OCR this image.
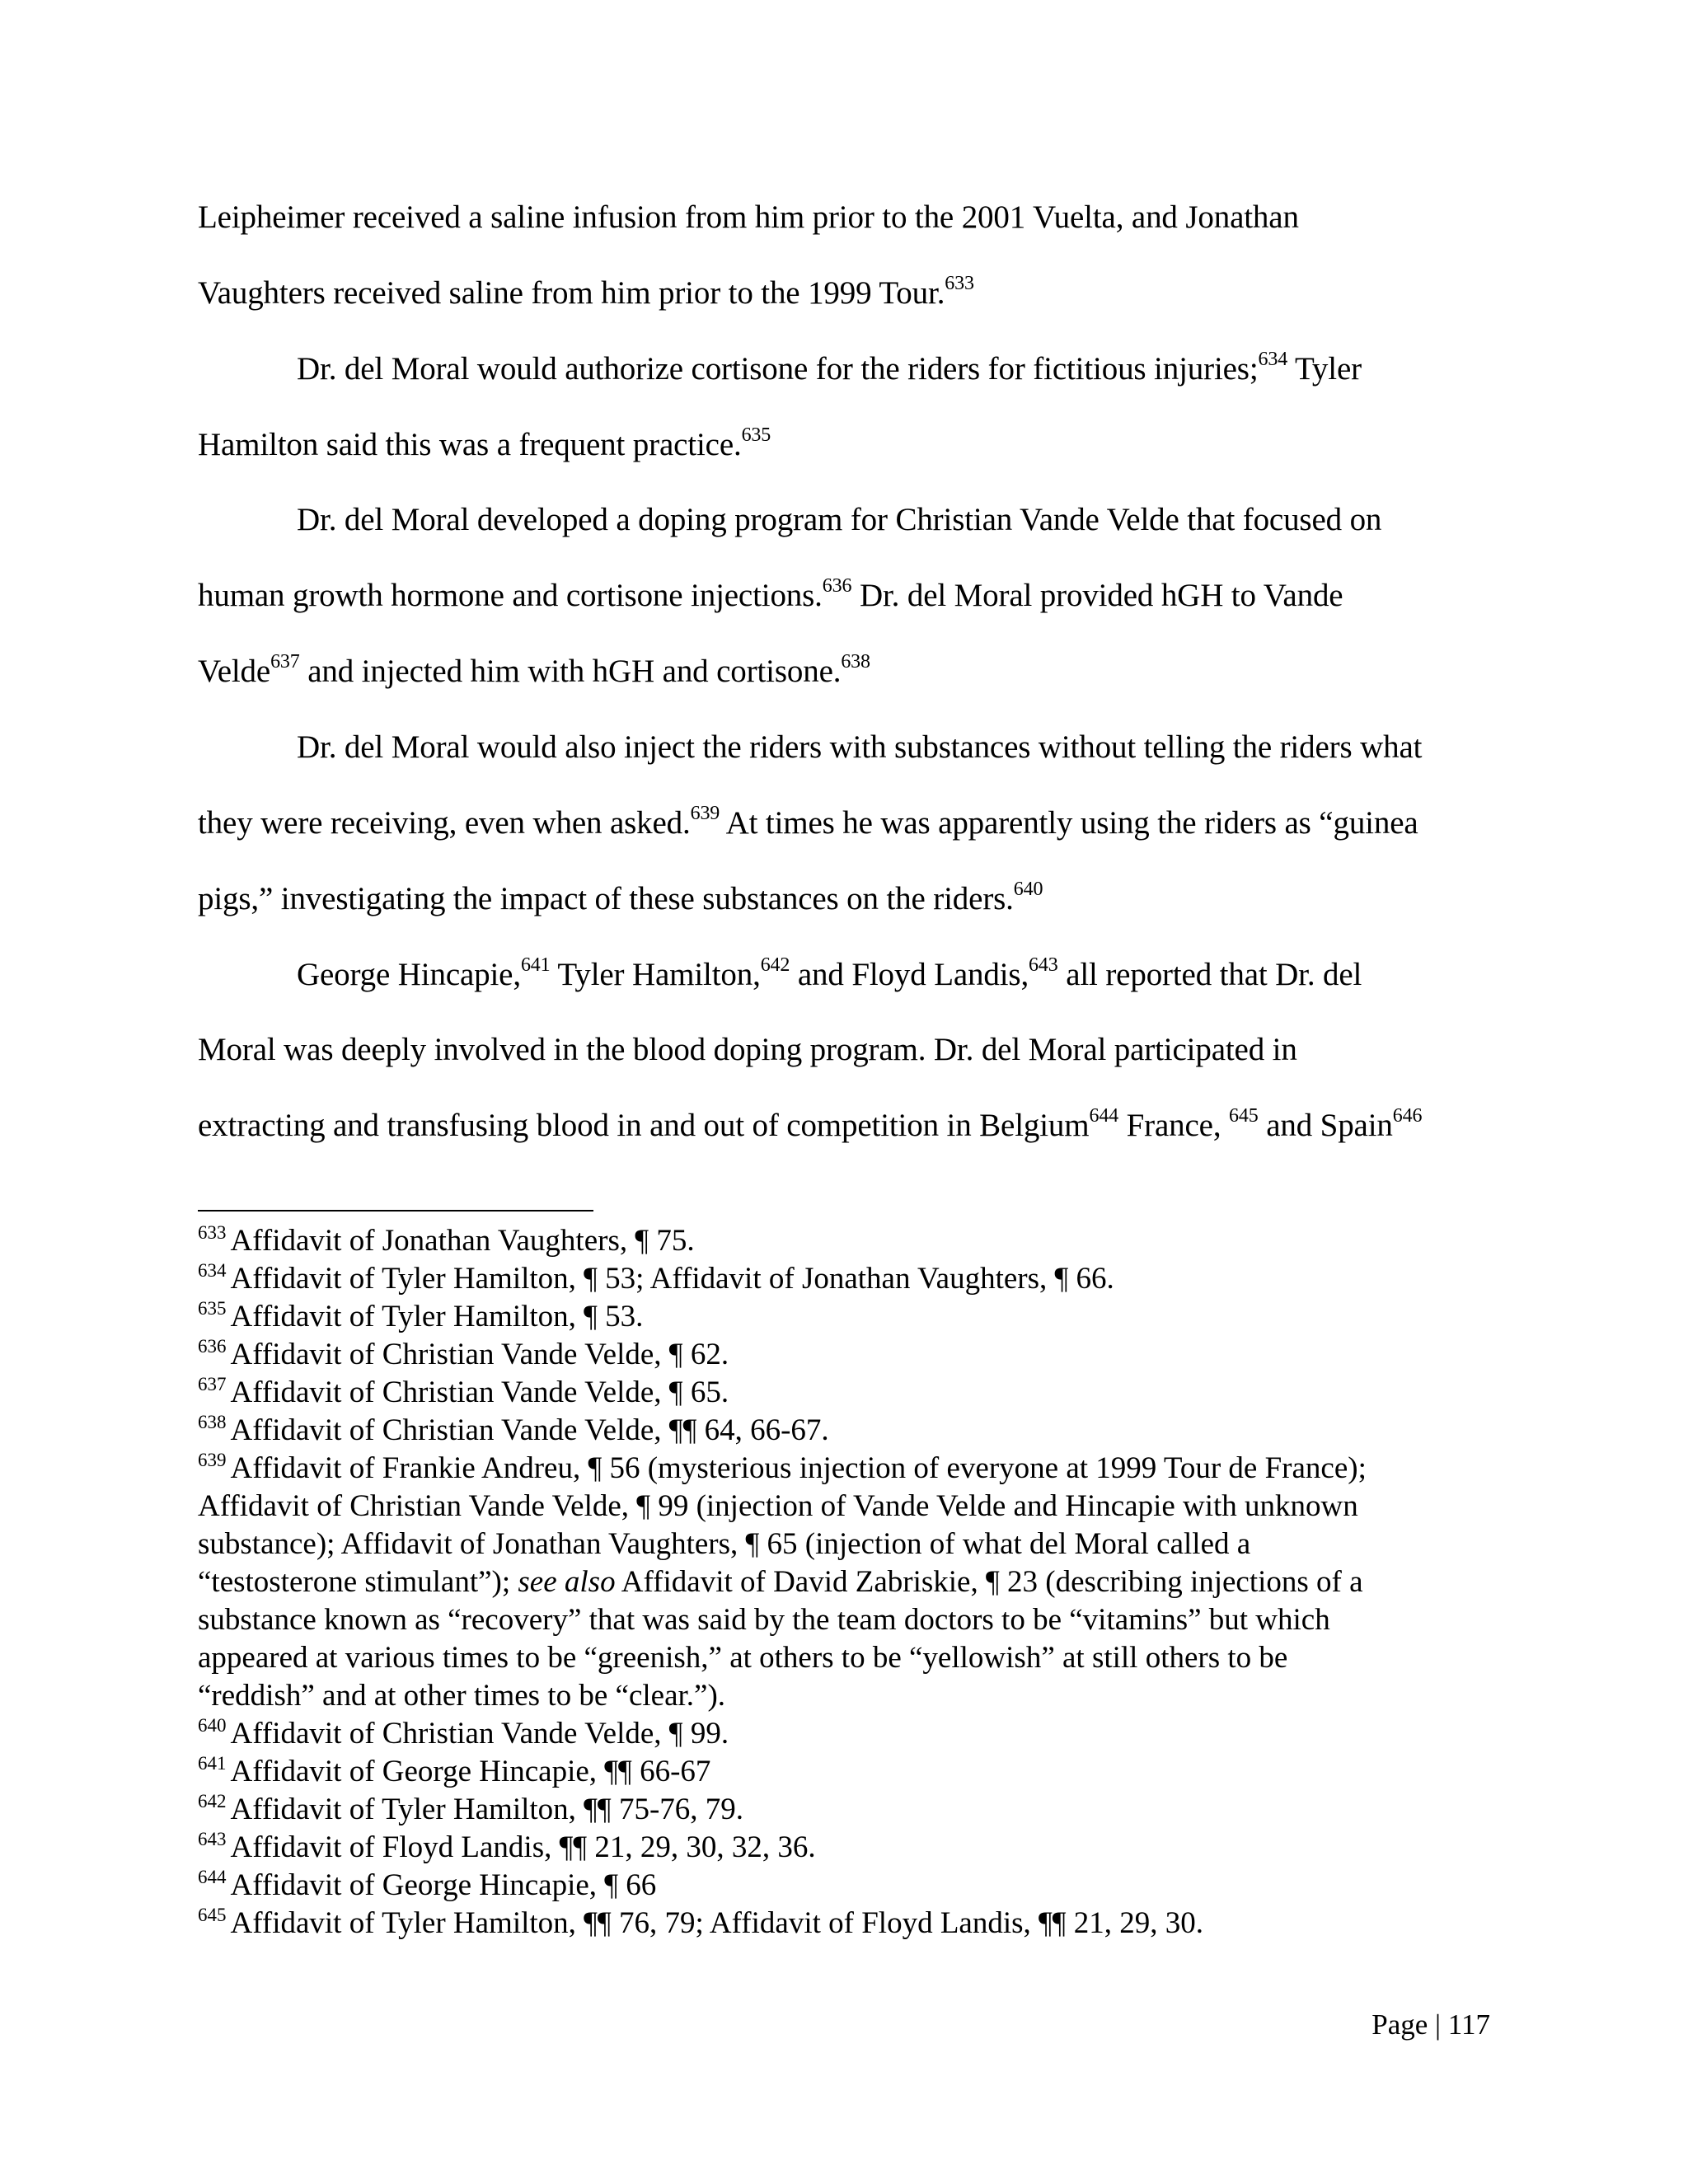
Leipheimer received a saline infusion from him prior to the 2001 Vuelta, and Jonathan
Vaughters received saline from him prior to the 1999 Tour.$^{633}$
Dr. del Moral would authorize cortisone for the riders for fictitious injuries;$^{634}$ Tyler
Hamilton said this was a frequent practice.$^{635}$
Dr. del Moral developed a doping program for Christian Vande Velde that focused on
human growth hormone and cortisone injections.$^{636}$ Dr. del Moral provided hGH to Vande
Velde$^{637}$ and injected him with hGH and cortisone.$^{638}$
Dr. del Moral would also inject the riders with substances without telling the riders what
they were receiving, even when asked.$^{639}$ At times he was apparently using the riders as “guinea
pigs,” investigating the impact of these substances on the riders.$^{640}$
George Hincapie,$^{641}$ Tyler Hamilton,$^{642}$ and Floyd Landis,$^{643}$ all reported that Dr. del
Moral was deeply involved in the blood doping program. Dr. del Moral participated in
extracting and transfusing blood in and out of competition in Belgium$^{644}$ France, $^{645}$ and Spain$^{646}$
$^{633}$ Affidavit of Jonathan Vaughters, ¶ 75.
$^{634}$ Affidavit of Tyler Hamilton, ¶ 53; Affidavit of Jonathan Vaughters, ¶ 66.
$^{635}$ Affidavit of Tyler Hamilton, ¶ 53.
$^{636}$ Affidavit of Christian Vande Velde, ¶ 62.
$^{637}$ Affidavit of Christian Vande Velde, ¶ 65.
$^{638}$ Affidavit of Christian Vande Velde, ¶¶ 64, 66-67.
$^{639}$ Affidavit of Frankie Andreu, ¶ 56 (mysterious injection of everyone at 1999 Tour de France);
Affidavit of Christian Vande Velde, ¶ 99 (injection of Vande Velde and Hincapie with unknown
substance); Affidavit of Jonathan Vaughters, ¶ 65 (injection of what del Moral called a
“testosterone stimulant”); see also Affidavit of David Zabriskie, ¶ 23 (describing injections of a
substance known as “recovery” that was said by the team doctors to be “vitamins” but which
appeared at various times to be “greenish,” at others to be “yellowish” at still others to be
“reddish” and at other times to be “clear.”).
$^{640}$ Affidavit of Christian Vande Velde, ¶ 99.
$^{641}$ Affidavit of George Hincapie, ¶¶ 66-67
$^{642}$ Affidavit of Tyler Hamilton, ¶¶ 75-76, 79.
$^{643}$ Affidavit of Floyd Landis, ¶¶ 21, 29, 30, 32, 36.
$^{644}$ Affidavit of George Hincapie, ¶ 66
$^{645}$ Affidavit of Tyler Hamilton, ¶¶ 76, 79; Affidavit of Floyd Landis, ¶¶ 21, 29, 30.
Page | 117
